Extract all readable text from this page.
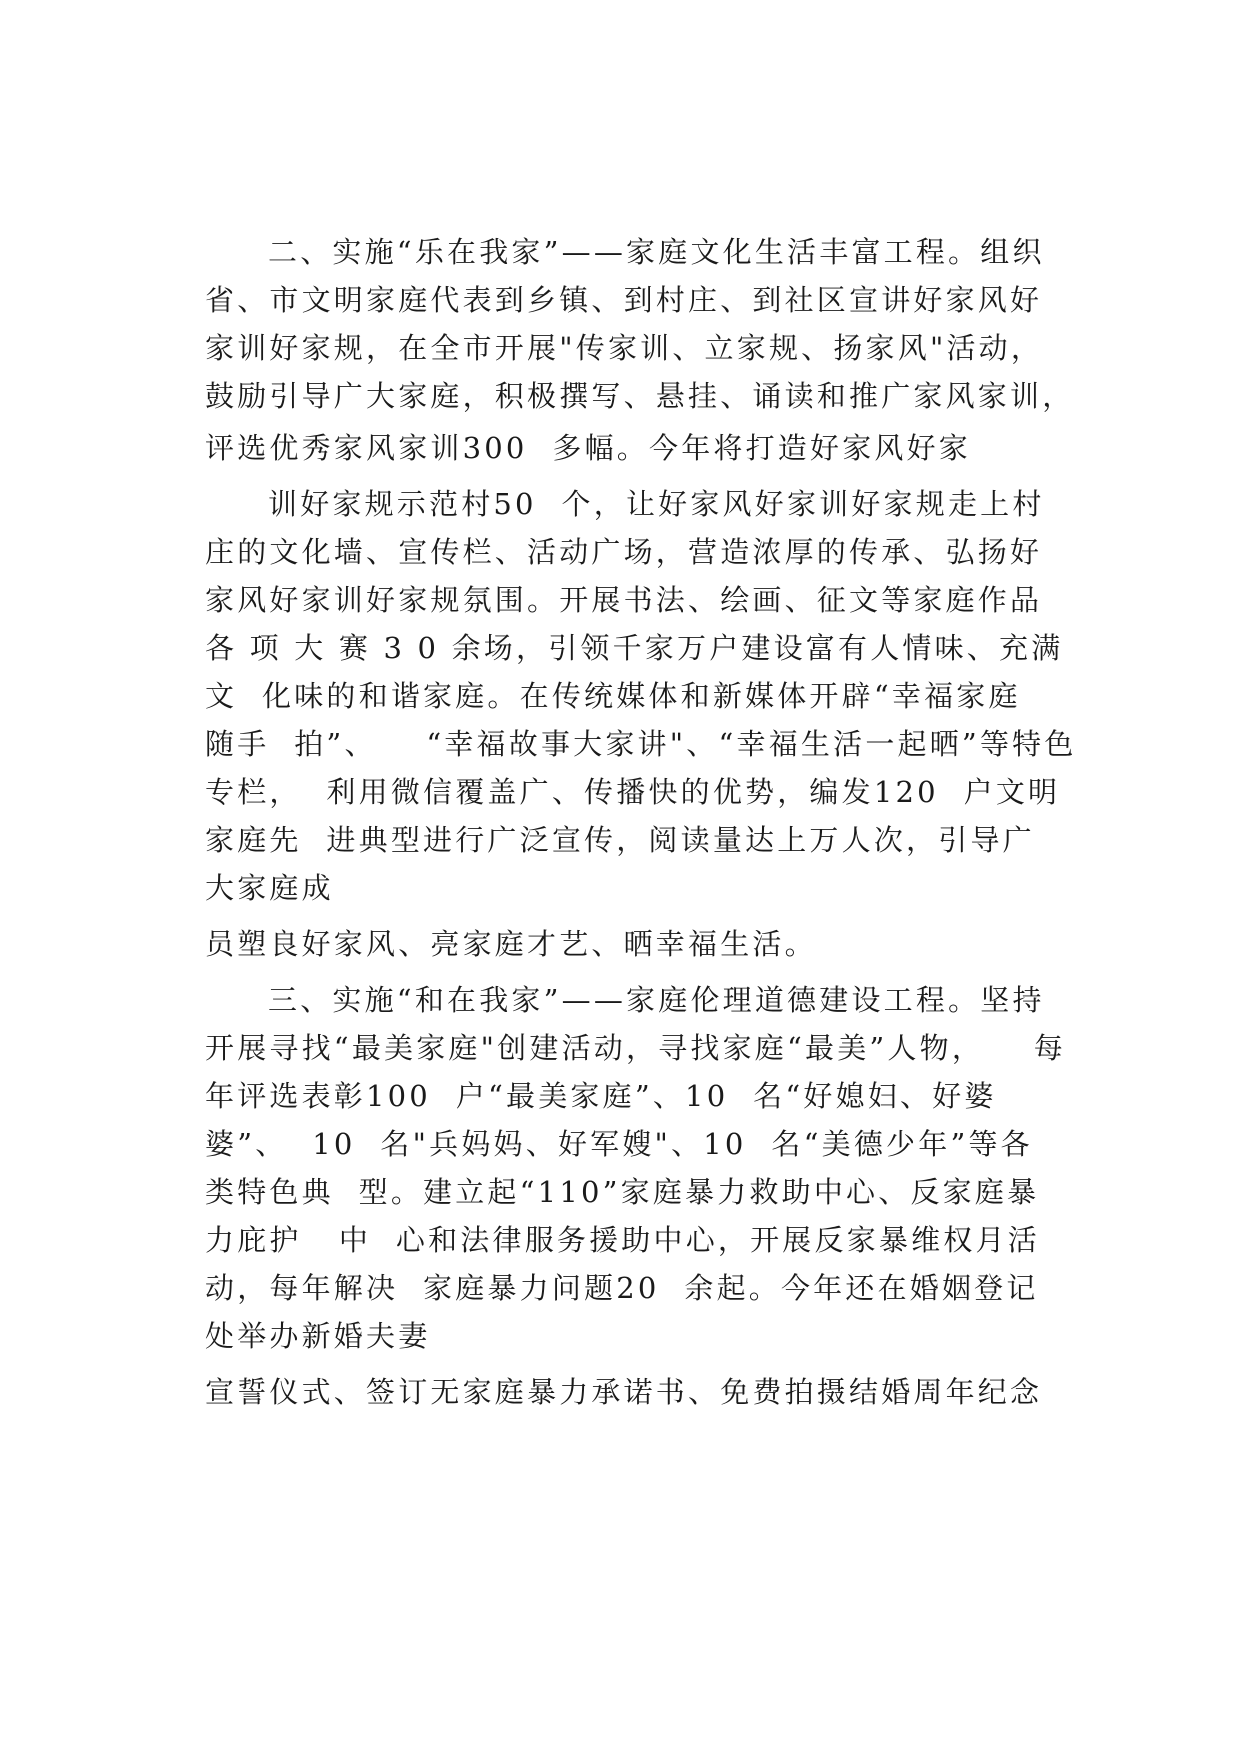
二、实施“乐在我家”——家庭文化生活丰富工程。组织
省、市文明家庭代表到乡镇、到村庄、到社区宣讲好家风好
家训好家规，在全市开展"传家训、立家规、扬家风"活动，
鼓励引导广大家庭，积极撰写、悬挂、诵读和推广家风家训，
评选优秀家风家训300  多幅。今年将打造好家风好家
训好家规示范村50  个，让好家风好家训好家规走上村
庄的文化墙、宣传栏、活动广场，营造浓厚的传承、弘扬好
家风好家训好家规氛围。开展书法、绘画、征文等家庭作品
各 项 大 赛 3 0 余场，引领千家万户建设富有人情味、充满
文  化味的和谐家庭。在传统媒体和新媒体开辟“幸福家庭
随手  拍”、    “幸福故事大家讲"、“幸福生活一起晒”等特色
专栏，  利用微信覆盖广、传播快的优势，编发120  户文明
家庭先  进典型进行广泛宣传，阅读量达上万人次，引导广
大家庭成
员塑良好家风、亮家庭才艺、晒幸福生活。
三、实施“和在我家”——家庭伦理道德建设工程。坚持
开展寻找“最美家庭"创建活动，寻找家庭“最美”人物，    每
年评选表彰100  户“最美家庭”、10  名“好媳妇、好婆
婆”、  10  名"兵妈妈、好军嫂"、10  名“美德少年”等各
类特色典  型。建立起“110”家庭暴力救助中心、反家庭暴
力庇护   中  心和法律服务援助中心，开展反家暴维权月活
动，每年解决  家庭暴力问题20  余起。今年还在婚姻登记
处举办新婚夫妻
宣誓仪式、签订无家庭暴力承诺书、免费拍摄结婚周年纪念
